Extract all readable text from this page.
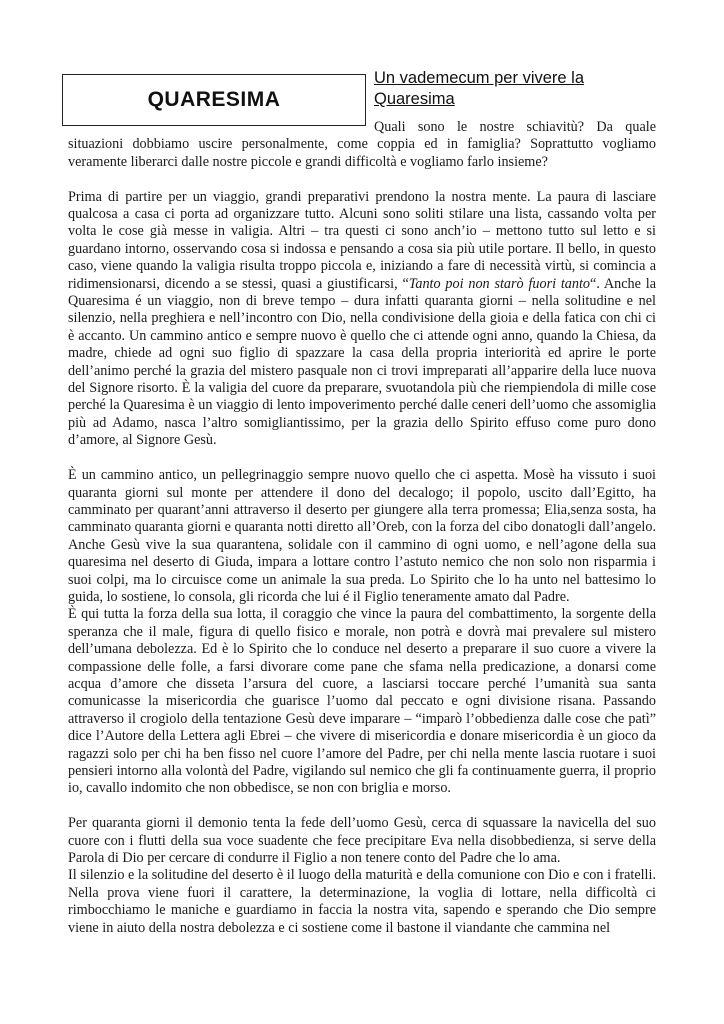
QUARESIMA
Un vademecum per vivere la Quaresima

Quali sono le nostre schiavitù? Da quale situazioni dobbiamo uscire personalmente, come coppia ed in famiglia? Soprattutto vogliamo veramente liberarci dalle nostre piccole e grandi difficoltà e vogliamo farlo insieme?

Prima di partire per un viaggio, grandi preparativi prendono la nostra mente. La paura di lasciare qualcosa a casa ci porta ad organizzare tutto. Alcuni sono soliti stilare una lista, cassando volta per volta le cose già messe in valigia. Altri – tra questi ci sono anch’io – mettono tutto sul letto e si guardano intorno, osservando cosa si indossa e pensando a cosa sia più utile portare. Il bello, in questo caso, viene quando la valigia risulta troppo piccola e, iniziando a fare di necessità virtù, si comincia a ridimensionarsi, dicendo a se stessi, quasi a giustificarsi, “Tanto poi non starò fuori tanto“. Anche la Quaresima é un viaggio, non di breve tempo – dura infatti quaranta giorni – nella solitudine e nel silenzio, nella preghiera e nell’incontro con Dio, nella condivisione della gioia e della fatica con chi ci è accanto. Un cammino antico e sempre nuovo è quello che ci attende ogni anno, quando la Chiesa, da madre, chiede ad ogni suo figlio di spazzare la casa della propria interiorità ed aprire le porte dell’animo perché la grazia del mistero pasquale non ci trovi impreparati all’apparire della luce nuova del Signore risorto. È la valigia del cuore da preparare, svuotandola più che riempiendola di mille cose perché la Quaresima è un viaggio di lento impoverimento perché dalle ceneri dell’uomo che assomiglia più ad Adamo, nasca l’altro somigliantissimo, per la grazia dello Spirito effuso come puro dono d’amore, al Signore Gesù.

È un cammino antico, un pellegrinaggio sempre nuovo quello che ci aspetta. Mosè ha vissuto i suoi quaranta giorni sul monte per attendere il dono del decalogo; il popolo, uscito dall’Egitto, ha camminato per quarant’anni attraverso il deserto per giungere alla terra promessa; Elia,senza sosta, ha camminato quaranta giorni e quaranta notti diretto all’Oreb, con la forza del cibo donatogli dall’angelo. Anche Gesù vive la sua quarantena, solidale con il cammino di ogni uomo, e nell’agone della sua quaresima nel deserto di Giuda, impara a lottare contro l’astuto nemico che non solo non risparmia i suoi colpi, ma lo circuisce come un animale la sua preda. Lo Spirito che lo ha unto nel battesimo lo guida, lo sostiene, lo consola, gli ricorda che lui é il Figlio teneramente amato dal Padre.

È qui tutta la forza della sua lotta, il coraggio che vince la paura del combattimento, la sorgente della speranza che il male, figura di quello fisico e morale, non potrà e dovrà mai prevalere sul mistero dell’umana debolezza. Ed è lo Spirito che lo conduce nel deserto a preparare il suo cuore a vivere la compassione delle folle, a farsi divorare come pane che sfama nella predicazione, a donarsi come acqua d’amore che disseta l’arsura del cuore, a lasciarsi toccare perché l’umanità sua santa comunicasse la misericordia che guarisce l’uomo dal peccato e ogni divisione risana. Passando attraverso il crogiolo della tentazione Gesù deve imparare – “imparò l’obbedienza dalle cose che patì” dice l’Autore della Lettera agli Ebrei – che vivere di misericordia e donare misericordia è un gioco da ragazzi solo per chi ha ben fisso nel cuore l’amore del Padre, per chi nella mente lascia ruotare i suoi pensieri intorno alla volontà del Padre, vigilando sul nemico che gli fa continuamente guerra, il proprio io, cavallo indomito che non obbedisce, se non con briglia e morso.

Per quaranta giorni il demonio tenta la fede dell’uomo Gesù, cerca di squassare la navicella del suo cuore con i flutti della sua voce suadente che fece precipitare Eva nella disobbedienza, si serve della Parola di Dio per cercare di condurre il Figlio a non tenere conto del Padre che lo ama.

Il silenzio e la solitudine del deserto è il luogo della maturità e della comunione con Dio e con i fratelli. Nella prova viene fuori il carattere, la determinazione, la voglia di lottare, nella difficoltà ci rimbocchiamo le maniche e guardiamo in faccia la nostra vita, sapendo e sperando che Dio sempre viene in aiuto della nostra debolezza e ci sostiene come il bastone il viandante che cammina nel
